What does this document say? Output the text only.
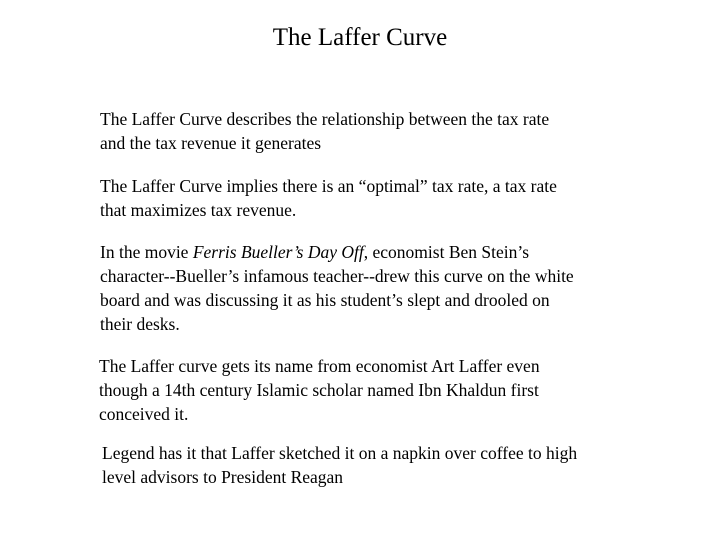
The Laffer Curve

The Laffer Curve describes the relationship between the tax rate
and the tax revenue it generates

The Laffer Curve implies there is an “optimal” tax rate, a tax rate
that maximizes tax revenue.

In the movie Ferris Bueller’s Day Off, economist Ben Stein’s
character--Bueller’s infamous teacher--drew this curve on the white
board and was discussing it as his student’s slept and drooled on
their desks.

The Laffer curve gets its name from economist Art Laffer even
though a 14th century Islamic scholar named Ibn Khaldun first
conceived it.

Legend has it that Laffer sketched it on a napkin over coffee to high
level advisors to President Reagan
